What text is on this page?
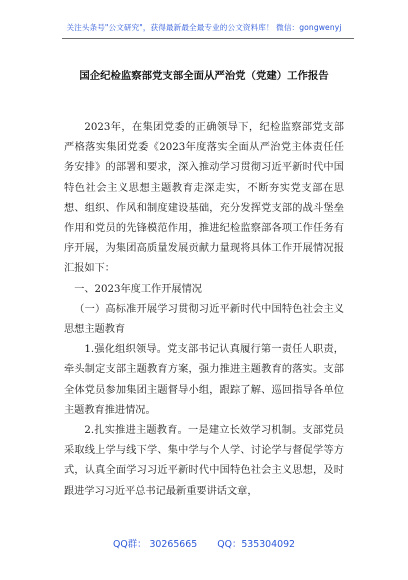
关注头条号"公文研究"，获得最新最全最专业的公文资料库！ 微信：gongwenyj
国企纪检监察部党支部全面从严治党（党建）工作报告

2023年，在集团党委的正确领导下，纪检监察部党支部严格落实集团党委《2023年度落实全面从严治党主体责任任务安排》的部署和要求，深入推动学习贯彻习近平新时代中国特色社会主义思想主题教育走深走实，不断夯实党支部在思想、组织、作风和制度建设基础，充分发挥党支部的战斗堡垒作用和党员的先锋模范作用，推进纪检监察部各项工作任务有序开展，为集团高质量发展贡献力量现将具体工作开展情况报汇报如下：

一、2023年度工作开展情况

（一）高标准开展学习贯彻习近平新时代中国特色社会主义思想主题教育

1.强化组织领导。党支部书记认真履行第一责任人职责，牵头制定支部主题教育方案，强力推进主题教育的落实。支部全体党员参加集团主题督导小组，跟踪了解、巡回指导各单位主题教育推进情况。

2.扎实推进主题教育。一是建立长效学习机制。支部党员采取线上学与线下学、集中学与个人学、讨论学与督促学等方式，认真全面学习习近平新时代中国特色社会主义思想，及时跟进学习习近平总书记最新重要讲话文章，

QQ群： 30265665 QQ：535304092
